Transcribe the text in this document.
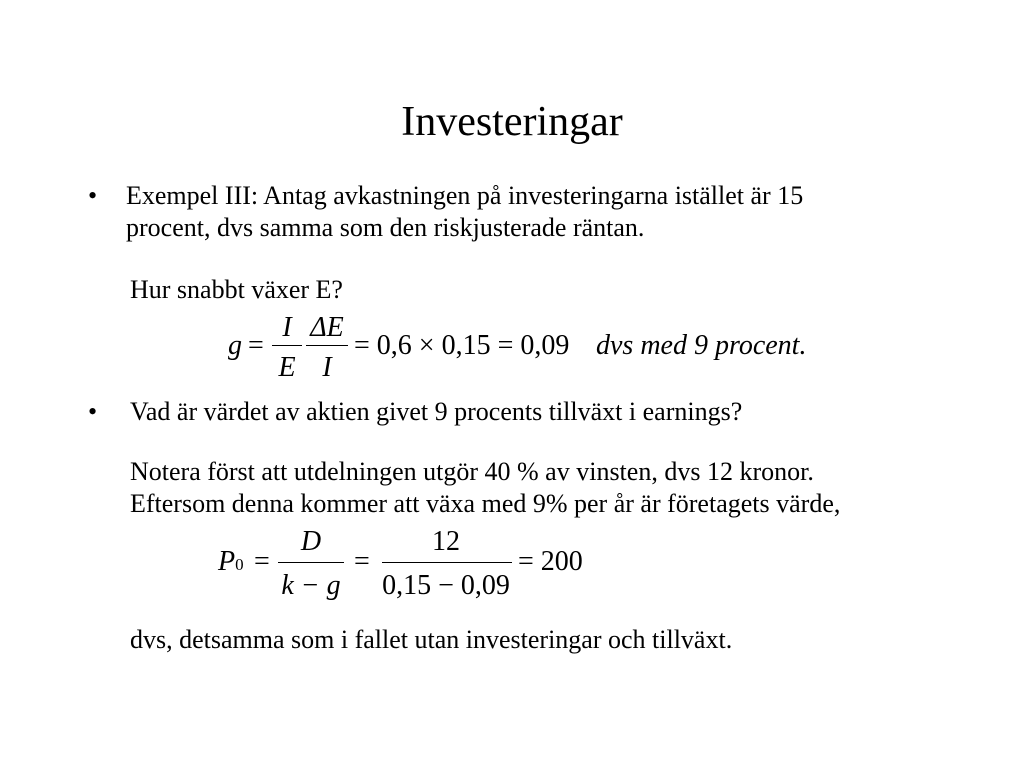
Investeringar
• Exempel III: Antag avkastningen på investeringarna istället är 15
procent, dvs samma som den riskjusterade räntan.
Hur snabbt växer E?
g =
I
E
ΔE
I
= 0,6 × 0,15 = 0,09 dvs med 9 procent.
• Vad är värdet av aktien givet 9 procents tillväxt i earnings?
Notera först att utdelningen utgör 40 % av vinsten, dvs 12 kronor.
Eftersom denna kommer att växa med 9% per år är företagets värde,
P0 =
D
k − g
=
12
0,15 − 0,09
= 200
dvs, detsamma som i fallet utan investeringar och tillväxt.
